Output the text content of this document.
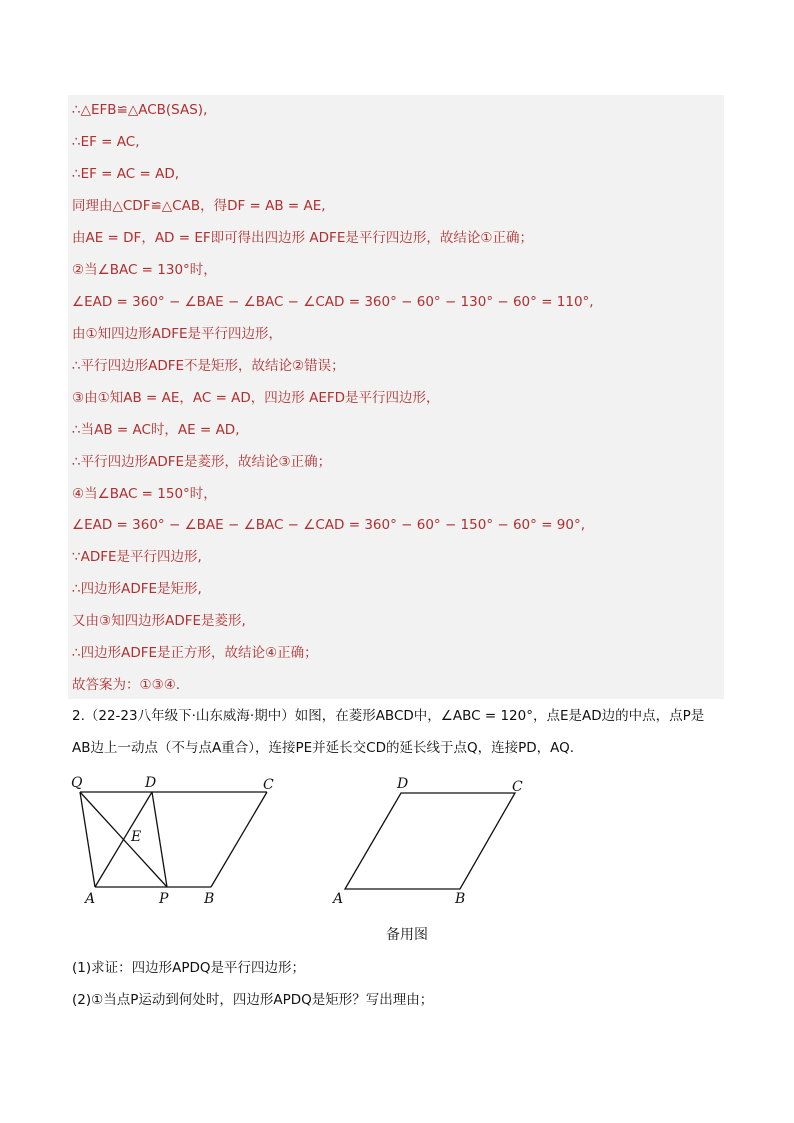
∴△EFB≌△ACB(SAS),
∴EF = AC,
∴EF = AC = AD,
同理由△CDF≌△CAB，得DF = AB = AE,
由AE = DF，AD = EF即可得出四边形 ADFE是平行四边形，故结论①正确；
②当∠BAC = 130°时，
∠EAD = 360° − ∠BAE − ∠BAC − ∠CAD = 360° − 60° − 130° − 60° = 110°,
由①知四边形ADFE是平行四边形，
∴平行四边形ADFE不是矩形，故结论②错误；
③由①知AB = AE，AC = AD，四边形 AEFD是平行四边形，
∴当AB = AC时，AE = AD,
∴平行四边形ADFE是菱形，故结论③正确；
④当∠BAC = 150°时，
∠EAD = 360° − ∠BAE − ∠BAC − ∠CAD = 360° − 60° − 150° − 60° = 90°,
∵ADFE是平行四边形,
∴四边形ADFE是矩形,
又由③知四边形ADFE是菱形,
∴四边形ADFE是正方形，故结论④正确；
故答案为：①③④.
2.（22-23八年级下·山东威海·期中）如图，在菱形ABCD中，∠ABC = 120°，点E是AD边的中点，点P是
AB边上一动点（不与点A重合），连接PE并延长交CD的延长线于点Q，连接PD，AQ.
Q	D	C
E
A	P	B
D	C
A	B
备用图
(1)求证：四边形APDQ是平行四边形；
(2)①当点P运动到何处时，四边形APDQ是矩形？写出理由；
